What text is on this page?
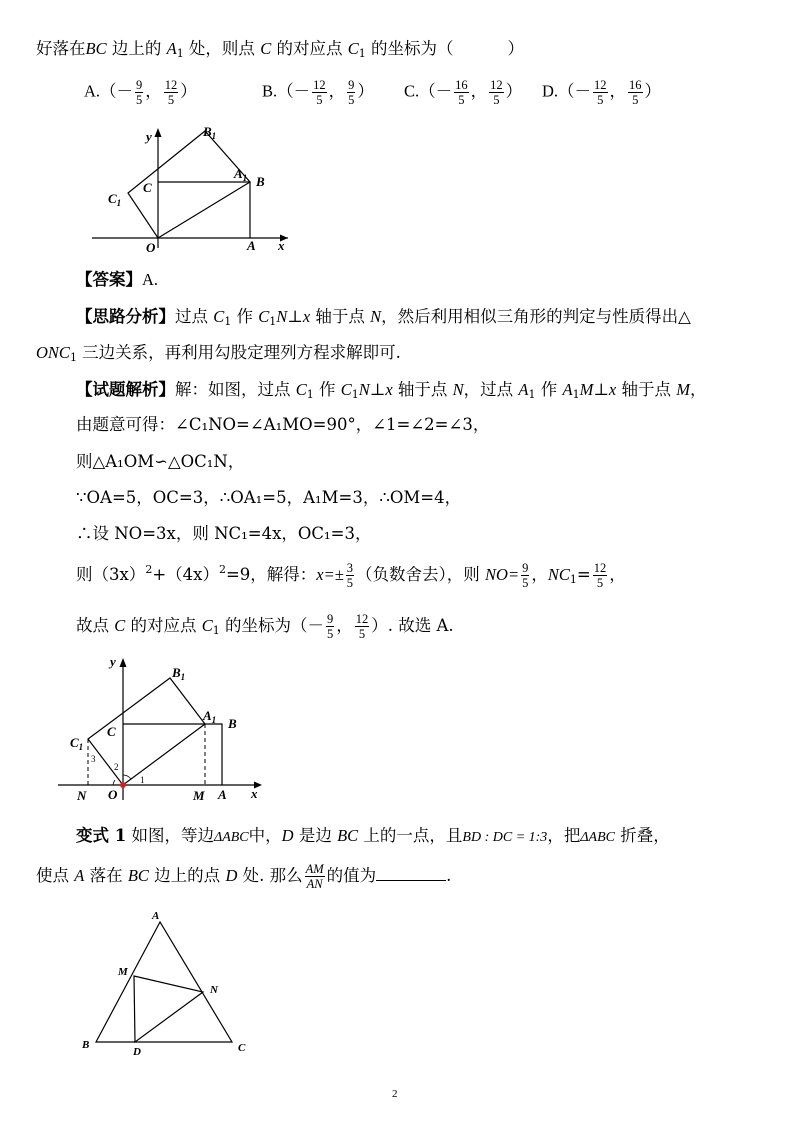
好落在BC 边上的 $A_1$ 处，则点 C 的对应点 $C_1$ 的坐标为（	）
$A.(- \frac{9}{5}$ ， $\frac{12}{5}$ ）	$B.(- \frac{12}{5}$ ， $\frac{9}{5}$ ） $C.(- \frac{16}{5}$ ， $\frac{12}{5}$ ） $D.(- \frac{12}{5}$ ， $\frac{16}{5}$ ）
y
x
O	A
B
C
$A_1$
$B_1$
$C_1$
【答案】A.
【思路分析】过点 $C_1$ 作 $C_1N\perp x$ 轴于点 N，然后利用相似三角形的判定与性质得出△
$ONC_1$ 三边关系，再利用勾股定理列方程求解即可.
【试题解析】解：如图，过点 $C_1$ 作 $C_1N\perp x$ 轴于点 N，过点 $A_1$ 作 $A_1M\perp x$ 轴于点 M，
由题意可得：∠C₁NO=∠A₁MO=90°，∠1=∠2=∠3，
则△A₁OM∽△OC₁N，
∵OA=5，OC=3，∴OA₁=5，A₁M=3，∴OM=4，
∴设 NO=3x，则 NC₁=4x，OC₁=3，
则$(3x)^2+(4x)^2=9$，解得：$x=\pm \frac{3}{5}$ （负数舍去），则 $NO= \frac{9}{5}$ ，$NC_1= \frac{12}{5}$ ，
故点 C 的对应点 $C_1$ 的坐标为（－ $\frac{9}{5}$ ， $\frac{12}{5}$ ）. 故选 A.
y
x
O	A
B
C
N	M
$A_1$
$B_1$
$C_1$
1
2
3
变式 1 如图，等边ΔABC中，D 是边 BC 上的一点，且BD : DC = 1:3，把ΔABC 折叠，
使点 A 落在 BC 边上的点 D 处. 那么 $\frac{AM}{AN}$ 的值为	.
A
B	C
D
M
N
2
